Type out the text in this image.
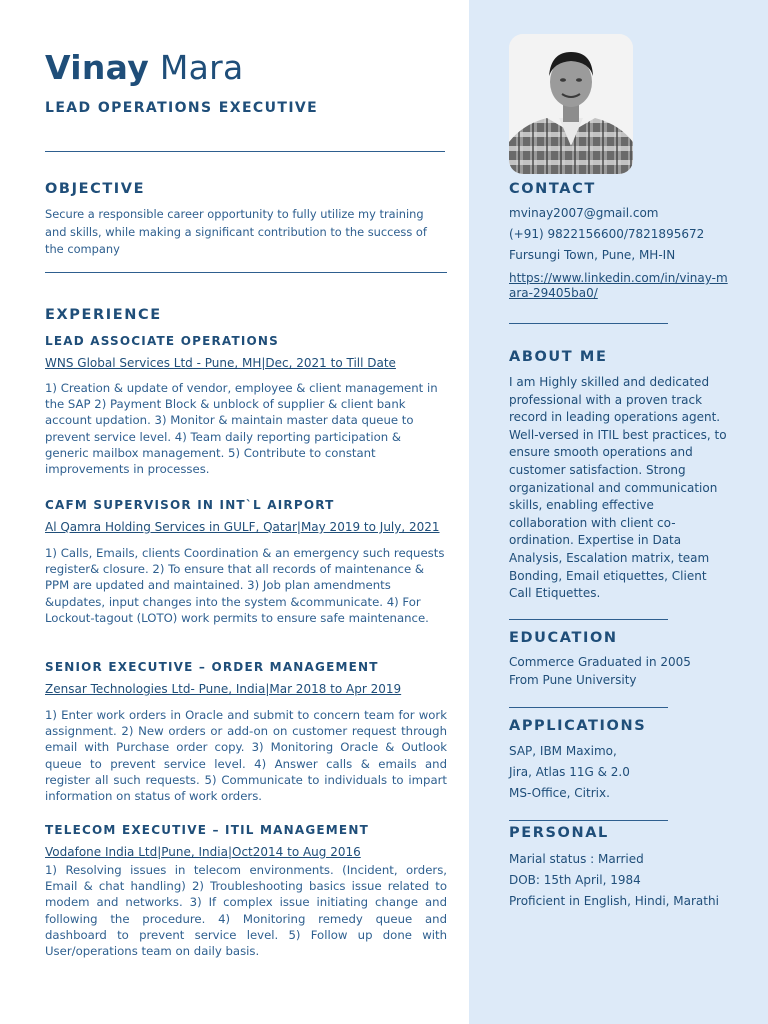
Vinay Mara
LEAD OPERATIONS EXECUTIVE
OBJECTIVE
Secure a responsible career opportunity to fully utilize my training and skills, while making a significant contribution to the success of the company
EXPERIENCE
LEAD ASSOCIATE OPERATIONS
WNS Global Services Ltd - Pune, MH|Dec, 2021 to Till Date
1) Creation & update of vendor, employee & client management in the SAP 2) Payment Block & unblock of supplier & client bank account updation. 3) Monitor & maintain master data queue to prevent service level. 4) Team daily reporting participation & generic mailbox management. 5) Contribute to constant improvements in processes.
CAFM SUPERVISOR IN INT`L AIRPORT
Al Qamra Holding Services in GULF, Qatar|May 2019 to July, 2021
1) Calls, Emails, clients Coordination & an emergency such requests register& closure. 2) To ensure that all records of maintenance & PPM are updated and maintained. 3) Job plan amendments &updates, input changes into the system &communicate. 4) For Lockout-tagout (LOTO) work permits to ensure safe maintenance.
SENIOR EXECUTIVE – ORDER MANAGEMENT
Zensar Technologies Ltd- Pune, India|Mar 2018 to Apr 2019
1) Enter work orders in Oracle and submit to concern team for work assignment. 2) New orders or add-on on customer request through email with Purchase order copy. 3) Monitoring Oracle & Outlook queue to prevent service level. 4) Answer calls & emails and register all such requests. 5) Communicate to individuals to impart information on status of work orders.
TELECOM EXECUTIVE – ITIL MANAGEMENT
Vodafone India Ltd|Pune, India|Oct2014 to Aug 2016
1) Resolving issues in telecom environments. (Incident, orders, Email & chat handling) 2) Troubleshooting basics issue related to modem and networks. 3) If complex issue initiating change and following the procedure. 4) Monitoring remedy queue and dashboard to prevent service level. 5) Follow up done with User/operations team on daily basis.
CONTACT
mvinay2007@gmail.com
(+91) 9822156600/7821895672
Fursungi Town, Pune, MH-IN
https://www.linkedin.com/in/vinay-mara-29405ba0/
ABOUT ME
I am Highly skilled and dedicated professional with a proven track record in leading operations agent. Well-versed in ITIL best practices, to ensure smooth operations and customer satisfaction. Strong organizational and communication skills, enabling effective collaboration with client co-ordination. Expertise in Data Analysis, Escalation matrix, team Bonding, Email etiquettes, Client Call Etiquettes.
EDUCATION
Commerce Graduated in 2005
From Pune University
APPLICATIONS
SAP, IBM Maximo,
Jira, Atlas 11G & 2.0
MS-Office, Citrix.
PERSONAL
Marial status : Married
DOB: 15th April, 1984
Proficient in English, Hindi, Marathi
